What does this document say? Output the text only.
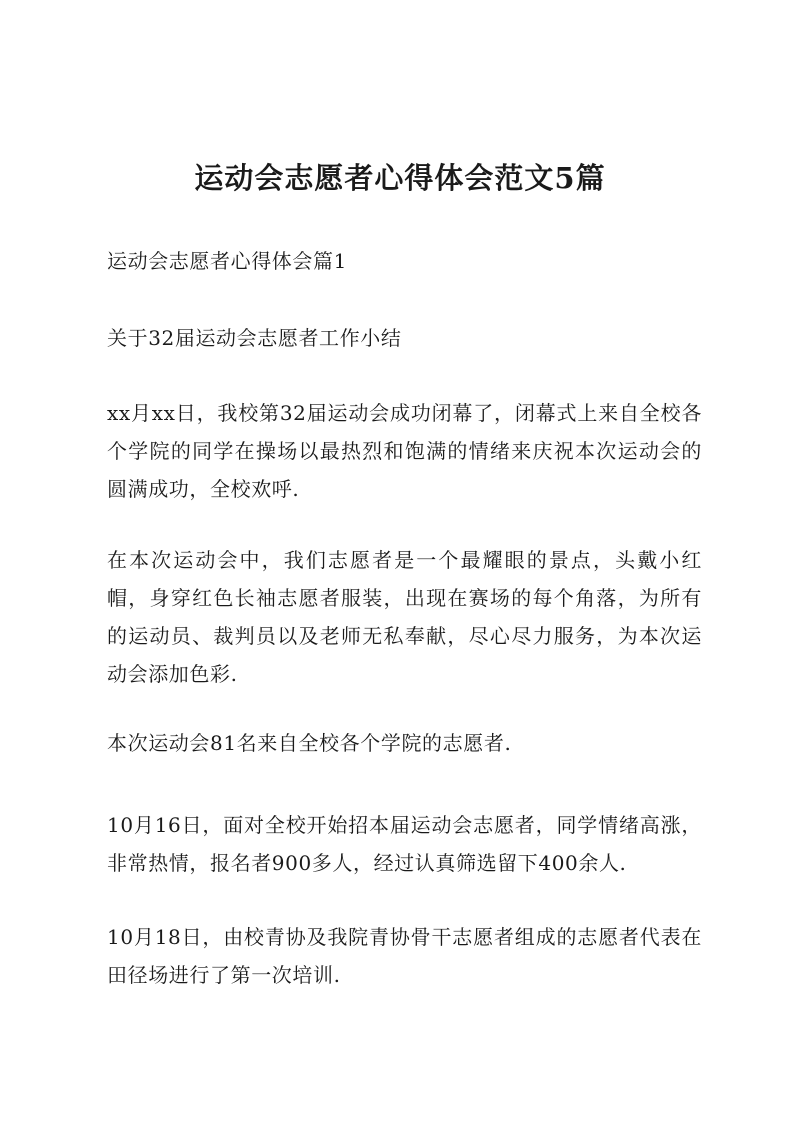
运动会志愿者心得体会范文5篇

运动会志愿者心得体会篇1

关于32届运动会志愿者工作小结

xx月xx日，我校第32届运动会成功闭幕了，闭幕式上来自全校各个学院的同学在操场以最热烈和饱满的情绪来庆祝本次运动会的圆满成功，全校欢呼.

在本次运动会中，我们志愿者是一个最耀眼的景点，头戴小红帽，身穿红色长袖志愿者服装，出现在赛场的每个角落，为所有的运动员、裁判员以及老师无私奉献，尽心尽力服务，为本次运动会添加色彩.

本次运动会81名来自全校各个学院的志愿者.

10月16日，面对全校开始招本届运动会志愿者，同学情绪高涨，非常热情，报名者900多人，经过认真筛选留下400余人.

10月18日，由校青协及我院青协骨干志愿者组成的志愿者代表在田径场进行了第一次培训.
